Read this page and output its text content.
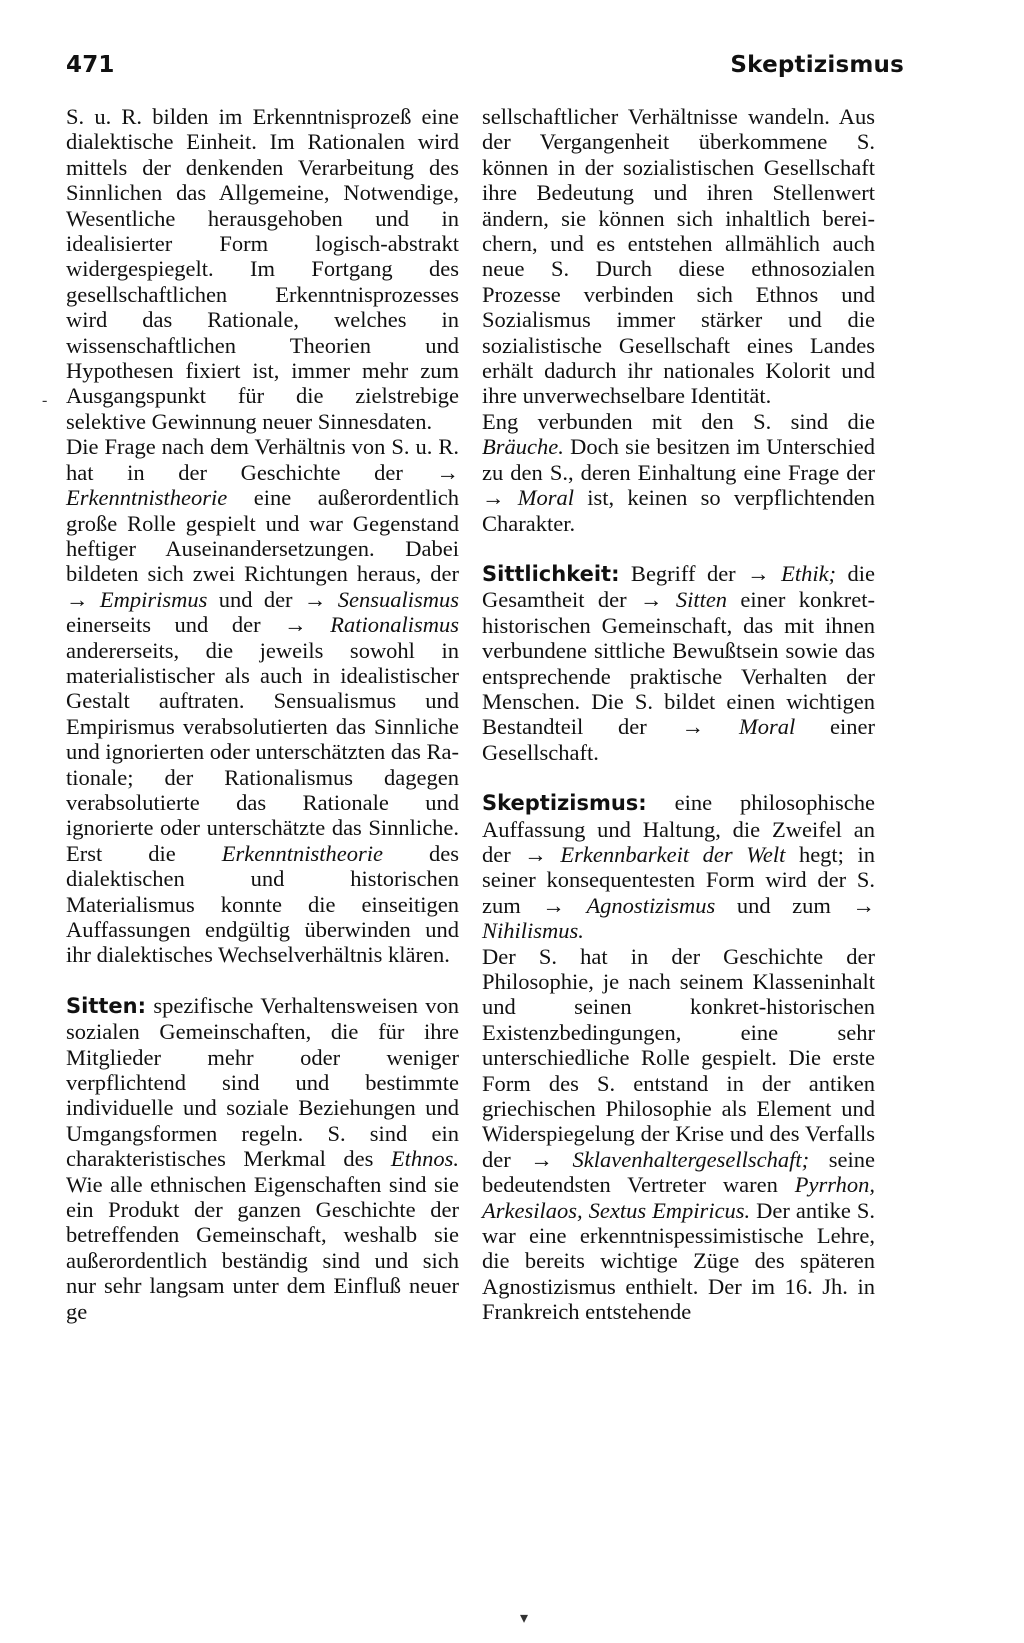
471	Skeptizismus
-

S. u. R. bilden im Erkenntnisprozeß eine dialektische Einheit. Im Rationalen wird mittels der denkenden Verarbeitung des Sinnlichen das Allgemeine, Notwendige, Wesentliche herausgehoben und in idealisierter Form logisch-abstrakt widergespiegelt. Im Fortgang des gesellschaftlichen Erkenntnisprozesses wird das Rationale, welches in wissenschaftlichen Theorien und Hypothesen fixiert ist, immer mehr zum Ausgangspunkt für die zielstrebige selektive Gewinnung neuer Sinnesdaten.

Die Frage nach dem Verhältnis von S. u. R. hat in der Geschichte der → Erkenntnistheorie eine außerordentlich große Rolle gespielt und war Gegenstand heftiger Auseinandersetzungen. Dabei bildeten sich zwei Richtungen heraus, der → Empirismus und der → Sensualismus einerseits und der → Rationalismus andererseits, die jeweils sowohl in materialistischer als auch in idealistischer Gestalt auftraten. Sensualismus und Empirismus verabsolutierten das Sinnliche und ignorierten oder unterschätzten das Rationale; der Rationalismus dagegen verabsolutierte das Rationale und ignorierte oder unterschätzte das Sinnliche. Erst die Erkenntnistheorie des dialektischen und historischen Materialismus konnte die einseitigen Auffassungen endgültig überwinden und ihr dialektisches Wechselverhältnis klären.

Sitten: spezifische Verhaltensweisen von sozialen Gemeinschaften, die für ihre Mitglieder mehr oder weniger verpflichtend sind und bestimmte individuelle und soziale Beziehungen und Umgangsformen regeln. S. sind ein charakteristisches Merkmal des Ethnos. Wie alle ethnischen Eigenschaften sind sie ein Produkt der ganzen Geschichte der betreffenden Gemeinschaft, weshalb sie außerordentlich beständig sind und sich nur sehr langsam unter dem Einfluß neuer ge

sellschaftlicher Verhältnisse wandeln. Aus der Vergangenheit überkommene S. können in der sozialistischen Gesellschaft ihre Bedeutung und ihren Stellenwert ändern, sie können sich inhaltlich bereichern, und es entstehen allmählich auch neue S. Durch diese ethnosozialen Prozesse verbinden sich Ethnos und Sozialismus immer stärker und die sozialistische Gesellschaft eines Landes erhält dadurch ihr nationales Kolorit und ihre unverwechselbare Identität.

Eng verbunden mit den S. sind die Bräuche. Doch sie besitzen im Unterschied zu den S., deren Einhaltung eine Frage der → Moral ist, keinen so verpflichtenden Charakter.

Sittlichkeit: Begriff der → Ethik; die Gesamtheit der → Sitten einer konkret-historischen Gemeinschaft, das mit ihnen verbundene sittliche Bewußtsein sowie das entsprechende praktische Verhalten der Menschen. Die S. bildet einen wichtigen Bestandteil der → Moral einer Gesellschaft.

Skeptizismus: eine philosophische Auffassung und Haltung, die Zweifel an der → Erkennbarkeit der Welt hegt; in seiner konsequentesten Form wird der S. zum → Agnostizismus und zum → Nihilismus.

Der S. hat in der Geschichte der Philosophie, je nach seinem Klasseninhalt und seinen konkret-historischen Existenzbedingungen, eine sehr unterschiedliche Rolle gespielt. Die erste Form des S. entstand in der antiken griechischen Philosophie als Element und Widerspiegelung der Krise und des Verfalls der → Sklavenhaltergesellschaft; seine bedeutendsten Vertreter waren Pyrrhon, Arkesilaos, Sextus Empiricus. Der antike S. war eine erkenntnispessimistische Lehre, die bereits wichtige Züge des späteren Agnostizismus enthielt. Der im 16. Jh. in Frankreich entstehende

▾
